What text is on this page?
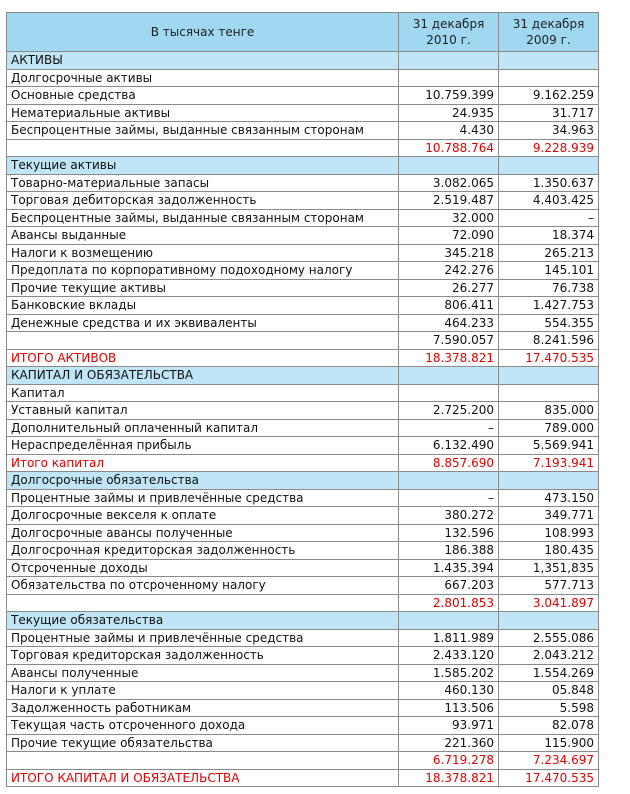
В тысячах тенге	31 декабря 2010 г.	31 декабря 2009 г.
АКТИВЫ		
Долгосрочные активы		
Основные средства	10.759.399	9.162.259
Нематериальные активы	24.935	31.717
Беспроцентные займы, выданные связанным сторонам	4.430	34.963
	10.788.764	9.228.939
Текущие активы		
Товарно-материальные запасы	3.082.065	1.350.637
Торговая дебиторская задолженность	2.519.487	4.403.425
Беспроцентные займы, выданные связанным сторонам	32.000	–
Авансы выданные	72.090	18.374
Налоги к возмещению	345.218	265.213
Предоплата по корпоративному подоходному налогу	242.276	145.101
Прочие текущие активы	26.277	76.738
Банковские вклады	806.411	1.427.753
Денежные средства и их эквиваленты	464.233	554.355
	7.590.057	8.241.596
ИТОГО АКТИВОВ	18.378.821	17.470.535
КАПИТАЛ И ОБЯЗАТЕЛЬСТВА		
Капитал		
Уставный капитал	2.725.200	835.000
Дополнительный оплаченный капитал	–	789.000
Нераспределённая прибыль	6.132.490	5.569.941
Итого капитал	8.857.690	7.193.941
Долгосрочные обязательства		
Процентные займы и привлечённые средства	–	473.150
Долгосрочные векселя к оплате	380.272	349.771
Долгосрочные авансы полученные	132.596	108.993
Долгосрочная кредиторская задолженность	186.388	180.435
Отсроченные доходы	1.435.394	1,351,835
Обязательства по отсроченному налогу	667.203	577.713
	2.801.853	3.041.897
Текущие обязательства		
Процентные займы и привлечённые средства	1.811.989	2.555.086
Торговая кредиторская задолженность	2.433.120	2.043.212
Авансы полученные	1.585.202	1.554.269
Налоги к уплате	460.130	05.848
Задолженность работникам	113.506	5.598
Текущая часть отсроченного дохода	93.971	82.078
Прочие текущие обязательства	221.360	115.900
	6.719.278	7.234.697
ИТОГО КАПИТАЛ И ОБЯЗАТЕЛЬСТВА	18.378.821	17.470.535
